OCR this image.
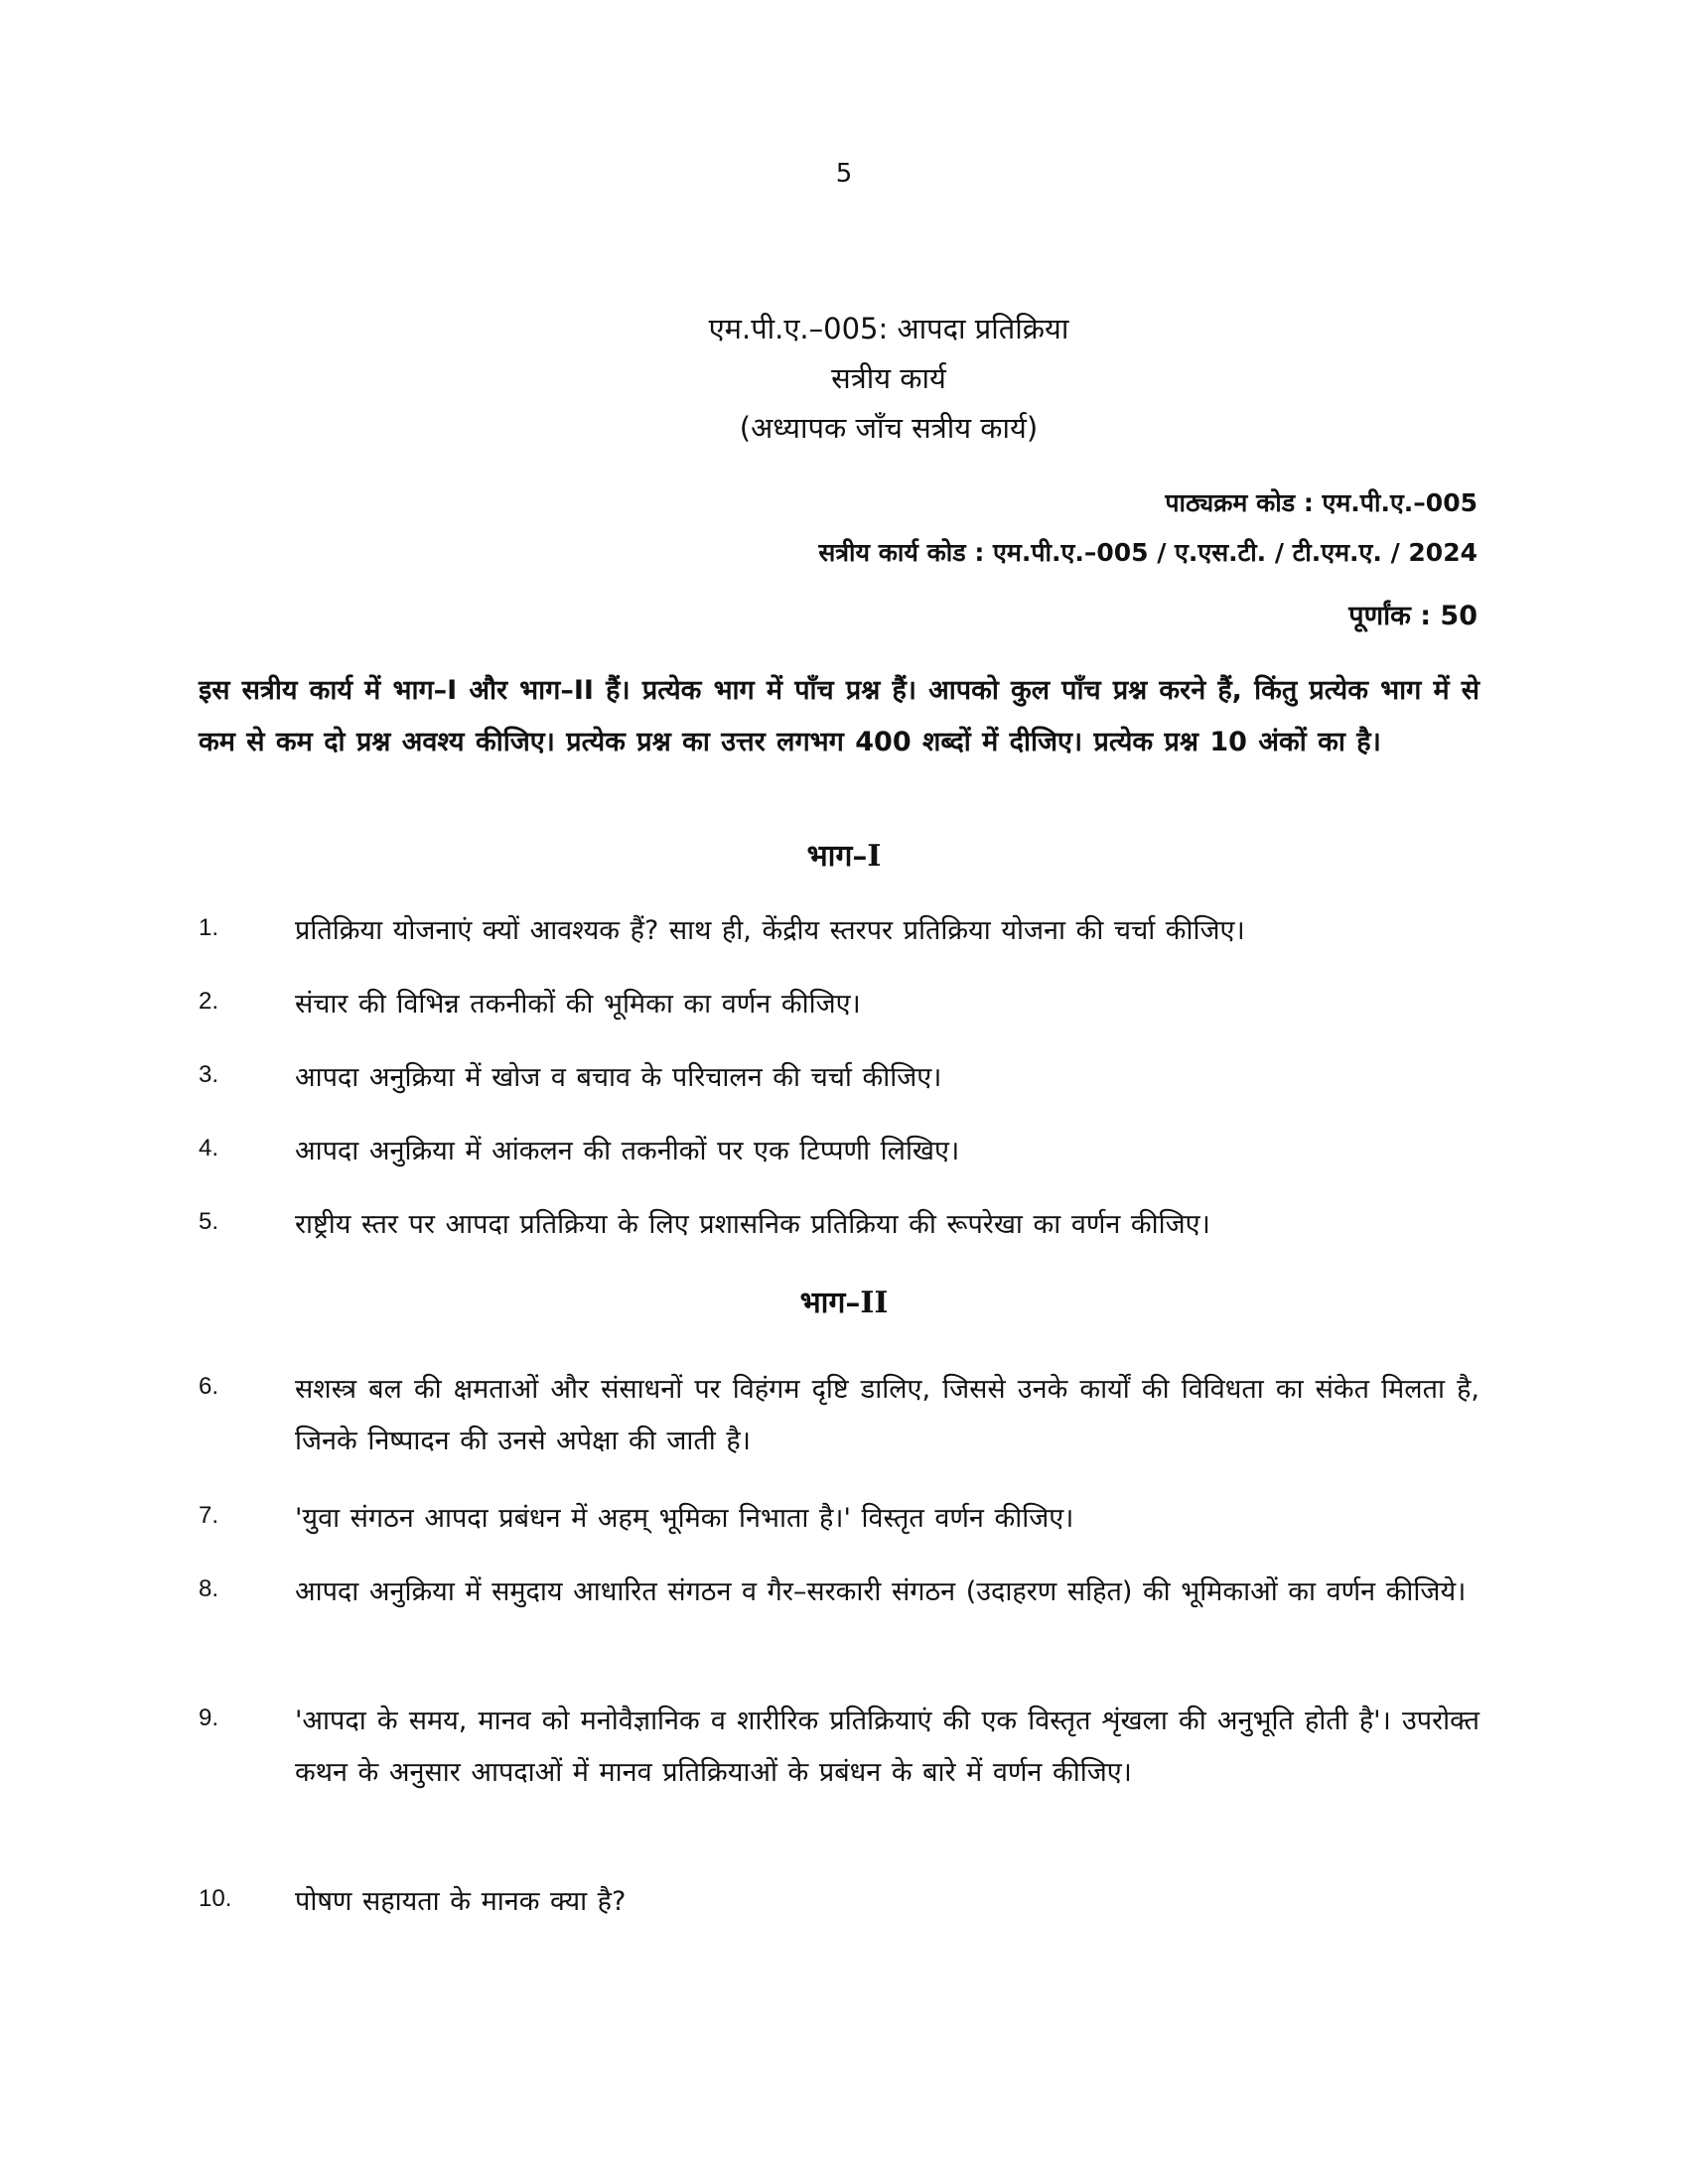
5
एम.पी.ए.–005: आपदा प्रतिक्रिया
सत्रीय कार्य
(अध्यापक जाँच सत्रीय कार्य)
पाठ्यक्रम कोड : एम.पी.ए.–005
सत्रीय कार्य कोड : एम.पी.ए.–005 / ए.एस.टी. / टी.एम.ए. / 2024
पूर्णांक : 50
इस सत्रीय कार्य में भाग–I और भाग–II हैं। प्रत्येक भाग में पाँच प्रश्न हैं। आपको कुल पाँच प्रश्न करने हैं, किंतु प्रत्येक भाग में से कम से कम दो प्रश्न अवश्य कीजिए। प्रत्येक प्रश्न का उत्तर लगभग 400 शब्दों में दीजिए। प्रत्येक प्रश्न 10 अंकों का है।
भाग–I
1.	प्रतिक्रिया योजनाएं क्यों आवश्यक हैं? साथ ही, केंद्रीय स्तरपर प्रतिक्रिया योजना की चर्चा कीजिए।
2.	संचार की विभिन्न तकनीकों की भूमिका का वर्णन कीजिए।
3.	आपदा अनुक्रिया में खोज व बचाव के परिचालन की चर्चा कीजिए।
4.	आपदा अनुक्रिया में आंकलन की तकनीकों पर एक टिप्पणी लिखिए।
5.	राष्ट्रीय स्तर पर आपदा प्रतिक्रिया के लिए प्रशासनिक प्रतिक्रिया की रूपरेखा का वर्णन कीजिए।
भाग–II
6.	सशस्त्र बल की क्षमताओं और संसाधनों पर विहंगम दृष्टि डालिए, जिससे उनके कार्यों की विविधता का संकेत मिलता है, जिनके निष्पादन की उनसे अपेक्षा की जाती है।
7.	'युवा संगठन आपदा प्रबंधन में अहम् भूमिका निभाता है।' विस्तृत वर्णन कीजिए।
8.	आपदा अनुक्रिया में समुदाय आधारित संगठन व गैर–सरकारी संगठन (उदाहरण सहित) की भूमिकाओं का वर्णन कीजिये।
9.	'आपदा के समय, मानव को मनोवैज्ञानिक व शारीरिक प्रतिक्रियाएं की एक विस्तृत शृंखला की अनुभूति होती है'। उपरोक्त कथन के अनुसार आपदाओं में मानव प्रतिक्रियाओं के प्रबंधन के बारे में वर्णन कीजिए।
10. पोषण सहायता के मानक क्या है?
